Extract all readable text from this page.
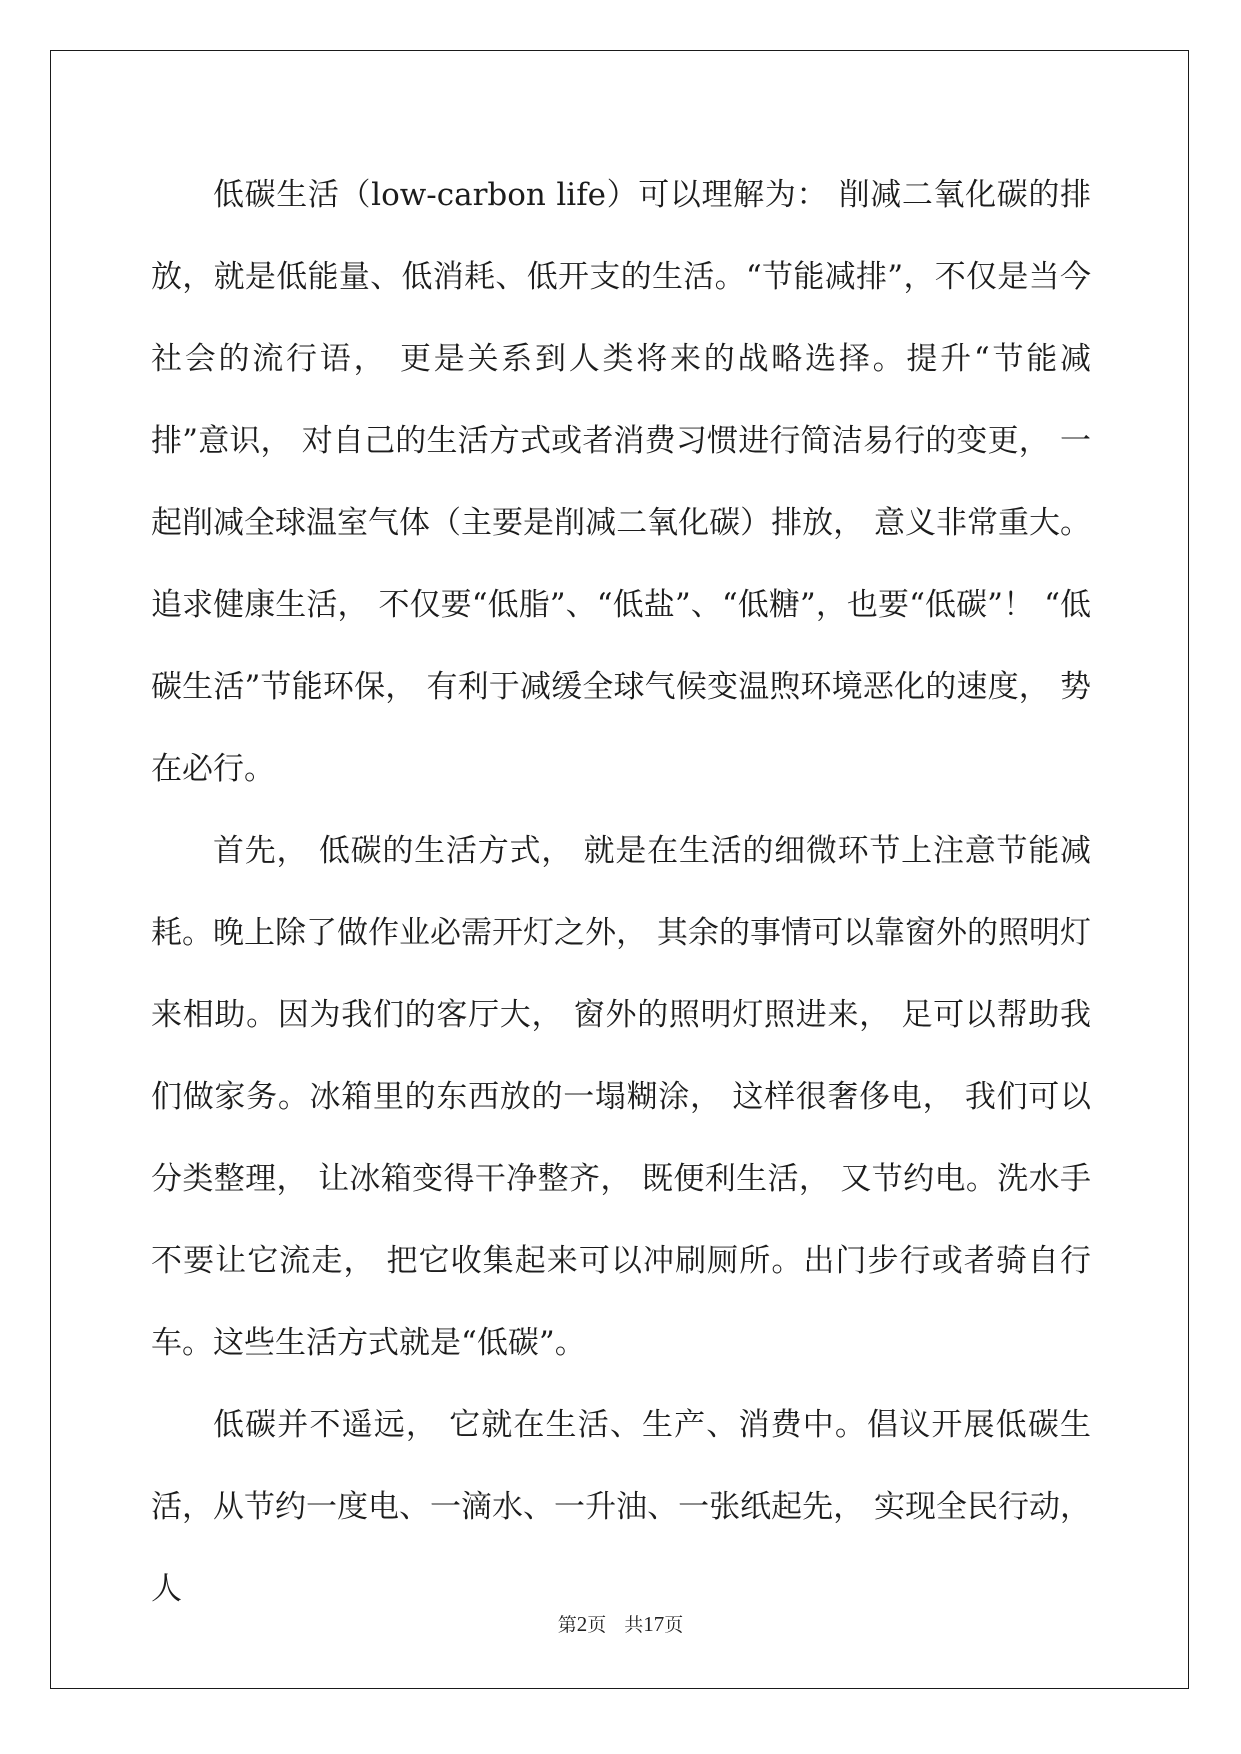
低碳生活（low-carbon life）可以理解为： 削减二氧化碳的排放，就是低能量、低消耗、低开支的生活。“节能减排”，不仅是当今社会的流行语， 更是关系到人类将来的战略选择。提升“节能减排”意识， 对自己的生活方式或者消费习惯进行简洁易行的变更， 一起削减全球温室气体（主要是削减二氧化碳）排放， 意义非常重大。追求健康生活， 不仅要“低脂”、“低盐”、“低糖”，也要“低碳”！ “低碳生活”节能环保， 有利于减缓全球气候变温煦环境恶化的速度， 势在必行。

首先， 低碳的生活方式， 就是在生活的细微环节上注意节能减耗。晚上除了做作业必需开灯之外， 其余的事情可以靠窗外的照明灯来相助。因为我们的客厅大， 窗外的照明灯照进来， 足可以帮助我们做家务。冰箱里的东西放的一塌糊涂， 这样很奢侈电， 我们可以分类整理， 让冰箱变得干净整齐， 既便利生活， 又节约电。洗水手不要让它流走， 把它收集起来可以冲刷厕所。出门步行或者骑自行车。这些生活方式就是“低碳”。

低碳并不遥远， 它就在生活、生产、消费中。倡议开展低碳生活，从节约一度电、一滴水、一升油、一张纸起先， 实现全民行动， 人

第2页 共17页
